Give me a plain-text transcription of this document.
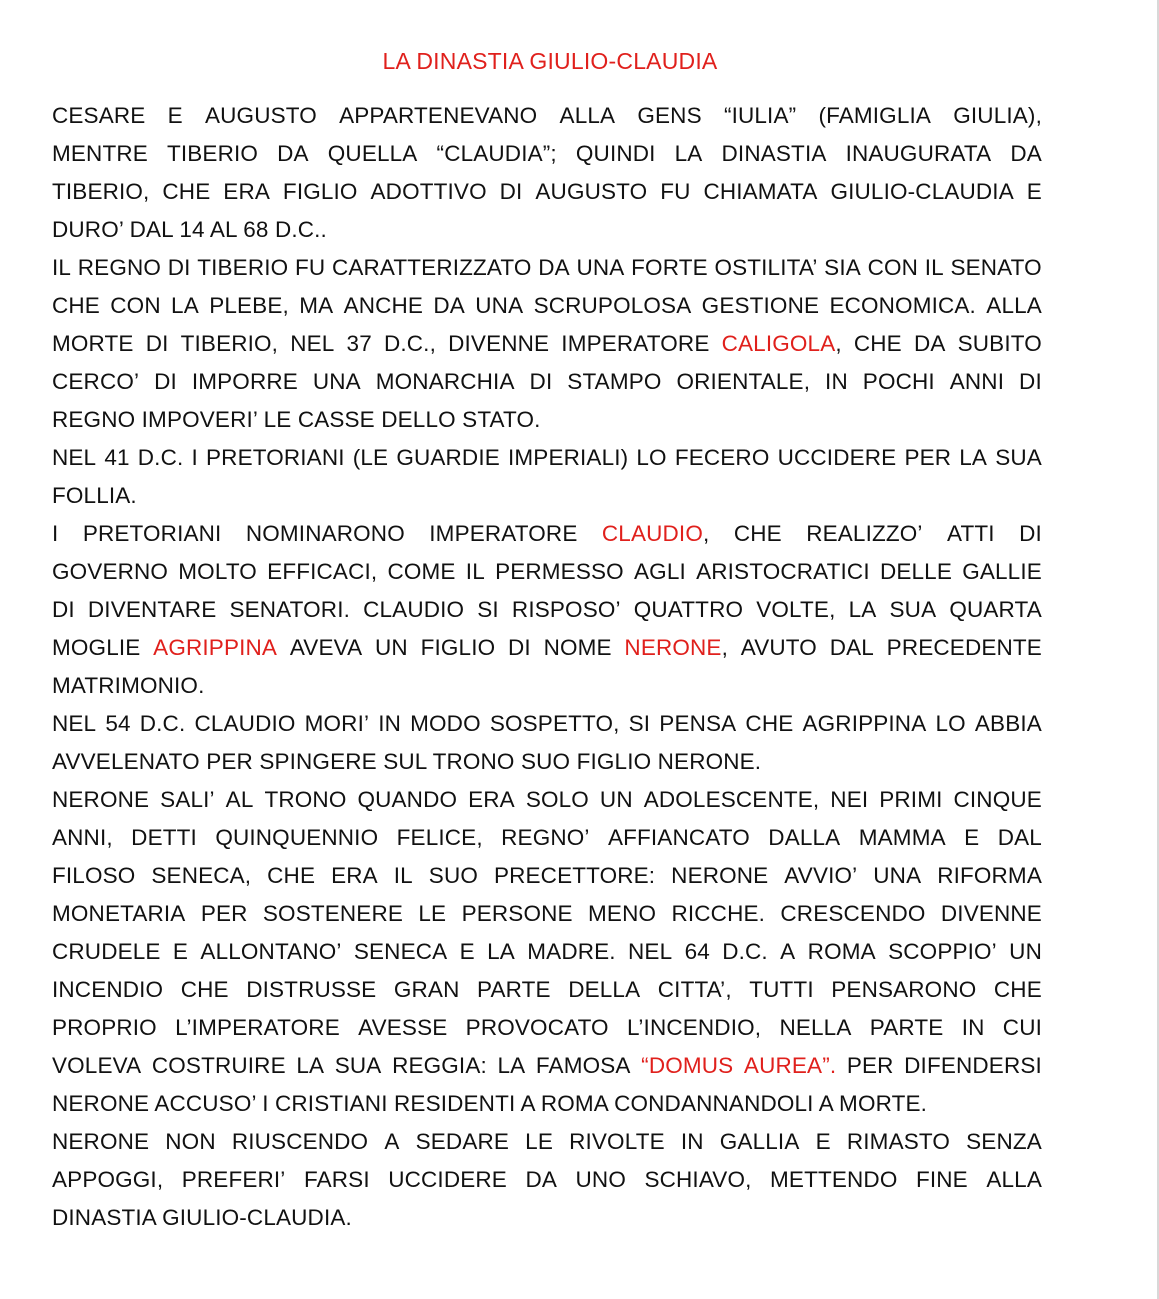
LA DINASTIA GIULIO-CLAUDIA
CESARE E AUGUSTO APPARTENEVANO ALLA GENS “IULIA” (FAMIGLIA GIULIA),
MENTRE TIBERIO DA QUELLA “CLAUDIA”; QUINDI LA DINASTIA INAUGURATA DA
TIBERIO, CHE ERA FIGLIO ADOTTIVO DI AUGUSTO FU CHIAMATA GIULIO-CLAUDIA E
DURO’ DAL 14 AL 68 D.C..
IL REGNO DI TIBERIO FU CARATTERIZZATO DA UNA FORTE OSTILITA’ SIA CON IL SENATO
CHE CON LA PLEBE, MA ANCHE DA UNA SCRUPOLOSA GESTIONE ECONOMICA. ALLA
MORTE DI TIBERIO, NEL 37 D.C., DIVENNE IMPERATORE CALIGOLA, CHE DA SUBITO
CERCO’ DI IMPORRE UNA MONARCHIA DI STAMPO ORIENTALE, IN POCHI ANNI DI
REGNO IMPOVERI’ LE CASSE DELLO STATO.
NEL 41 D.C. I PRETORIANI (LE GUARDIE IMPERIALI) LO FECERO UCCIDERE PER LA SUA
FOLLIA.
I PRETORIANI NOMINARONO IMPERATORE CLAUDIO, CHE REALIZZO’ ATTI DI
GOVERNO MOLTO EFFICACI, COME IL PERMESSO AGLI ARISTOCRATICI DELLE GALLIE
DI DIVENTARE SENATORI. CLAUDIO SI RISPOSO’ QUATTRO VOLTE, LA SUA QUARTA
MOGLIE AGRIPPINA AVEVA UN FIGLIO DI NOME NERONE, AVUTO DAL PRECEDENTE
MATRIMONIO.
NEL 54 D.C. CLAUDIO MORI’ IN MODO SOSPETTO, SI PENSA CHE AGRIPPINA LO ABBIA
AVVELENATO PER SPINGERE SUL TRONO SUO FIGLIO NERONE.
NERONE SALI’ AL TRONO QUANDO ERA SOLO UN ADOLESCENTE, NEI PRIMI CINQUE
ANNI, DETTI QUINQUENNIO FELICE, REGNO’ AFFIANCATO DALLA MAMMA E DAL
FILOSO SENECA, CHE ERA IL SUO PRECETTORE: NERONE AVVIO’ UNA RIFORMA
MONETARIA PER SOSTENERE LE PERSONE MENO RICCHE. CRESCENDO DIVENNE
CRUDELE E ALLONTANO’ SENECA E LA MADRE. NEL 64 D.C. A ROMA SCOPPIO’ UN
INCENDIO CHE DISTRUSSE GRAN PARTE DELLA CITTA’, TUTTI PENSARONO CHE
PROPRIO L’IMPERATORE AVESSE PROVOCATO L’INCENDIO, NELLA PARTE IN CUI
VOLEVA COSTRUIRE LA SUA REGGIA: LA FAMOSA “DOMUS AUREA”. PER DIFENDERSI
NERONE ACCUSO’ I CRISTIANI RESIDENTI A ROMA CONDANNANDOLI A MORTE.
NERONE NON RIUSCENDO A SEDARE LE RIVOLTE IN GALLIA E RIMASTO SENZA
APPOGGI, PREFERI’ FARSI UCCIDERE DA UNO SCHIAVO, METTENDO FINE ALLA
DINASTIA GIULIO-CLAUDIA.
